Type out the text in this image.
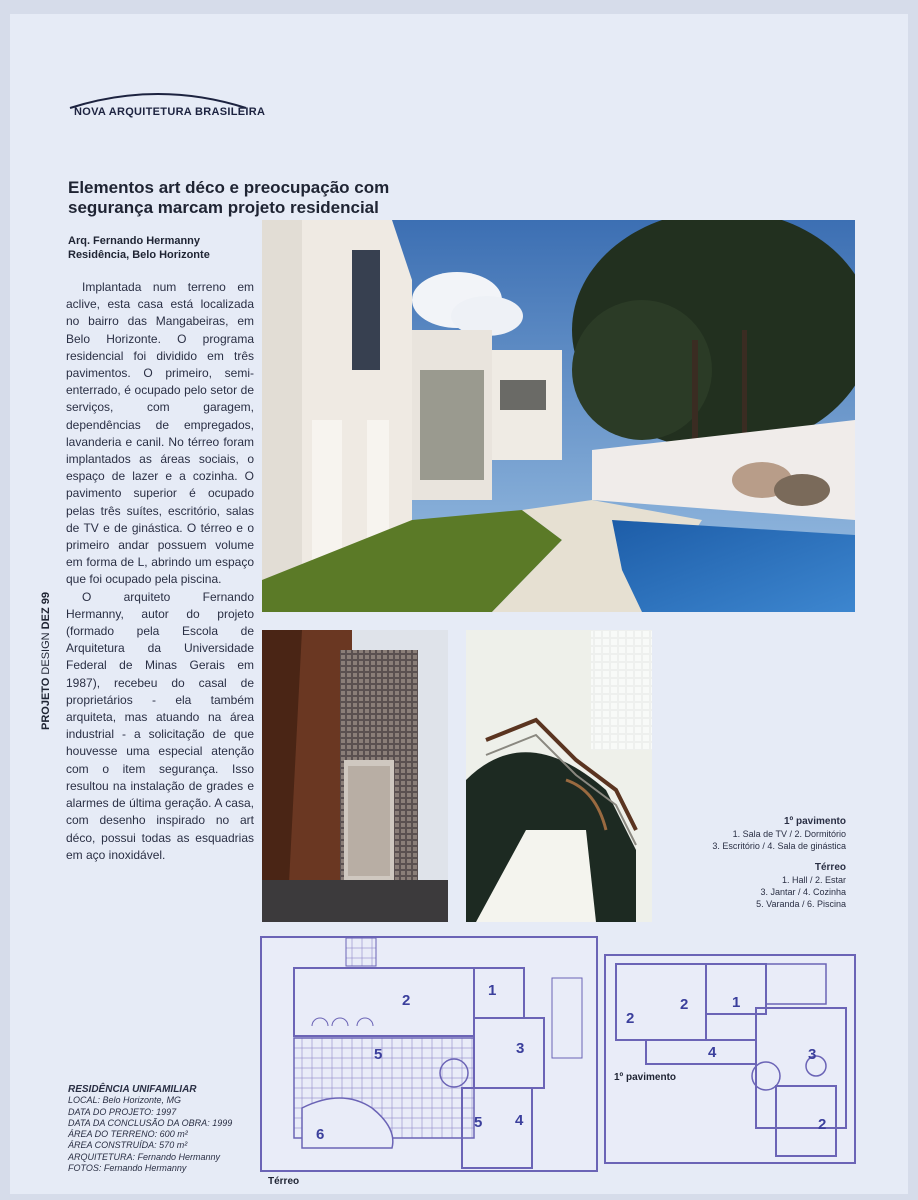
NOVA ARQUITETURA BRASILEIRA
Elementos art déco e preocupação com
segurança marcam projeto residencial
Arq. Fernando Hermanny
Residência, Belo Horizonte

Implantada num terreno em aclive, esta casa está localizada no bairro das Mangabeiras, em Belo Horizonte. O programa residencial foi dividido em três pavimentos. O primeiro, semi-enterrado, é ocupado pelo setor de serviços, com garagem, dependências de empregados, lavanderia e canil. No térreo foram implantados as áreas sociais, o espaço de lazer e a cozinha. O pavimento superior é ocupado pelas três suítes, escritório, salas de TV e de ginástica. O térreo e o primeiro andar possuem volume em forma de L, abrindo um espaço que foi ocupado pela piscina.

O arquiteto Fernando Hermanny, autor do projeto (formado pela Escola de Arquitetura da Universidade Federal de Minas Gerais em 1987), recebeu do casal de proprietários - ela também arquiteta, mas atuando na área industrial - a solicitação de que houvesse uma especial atenção com o item segurança. Isso resultou na instalação de grades e alarmes de última geração. A casa, com desenho inspirado no art déco, possui todas as esquadrias em aço inoxidável.

PROJETO DESIGN DEZ 99
1º pavimento
1. Sala de TV / 2. Dormitório
3. Escritório / 4. Sala de ginástica
Térreo
1. Hall / 2. Estar
3. Jantar / 4. Cozinha
5. Varanda / 6. Piscina
2
1
3
4
5
5
6
2
2	1
4	3
2
1º pavimento
Térreo
RESIDÊNCIA UNIFAMILIAR
LOCAL: Belo Horizonte, MG
DATA DO PROJETO: 1997
DATA DA CONCLUSÃO DA OBRA: 1999
ÁREA DO TERRENO: 600 m²
ÁREA CONSTRUÍDA: 570 m²
ARQUITETURA: Fernando Hermanny
FOTOS: Fernando Hermanny
